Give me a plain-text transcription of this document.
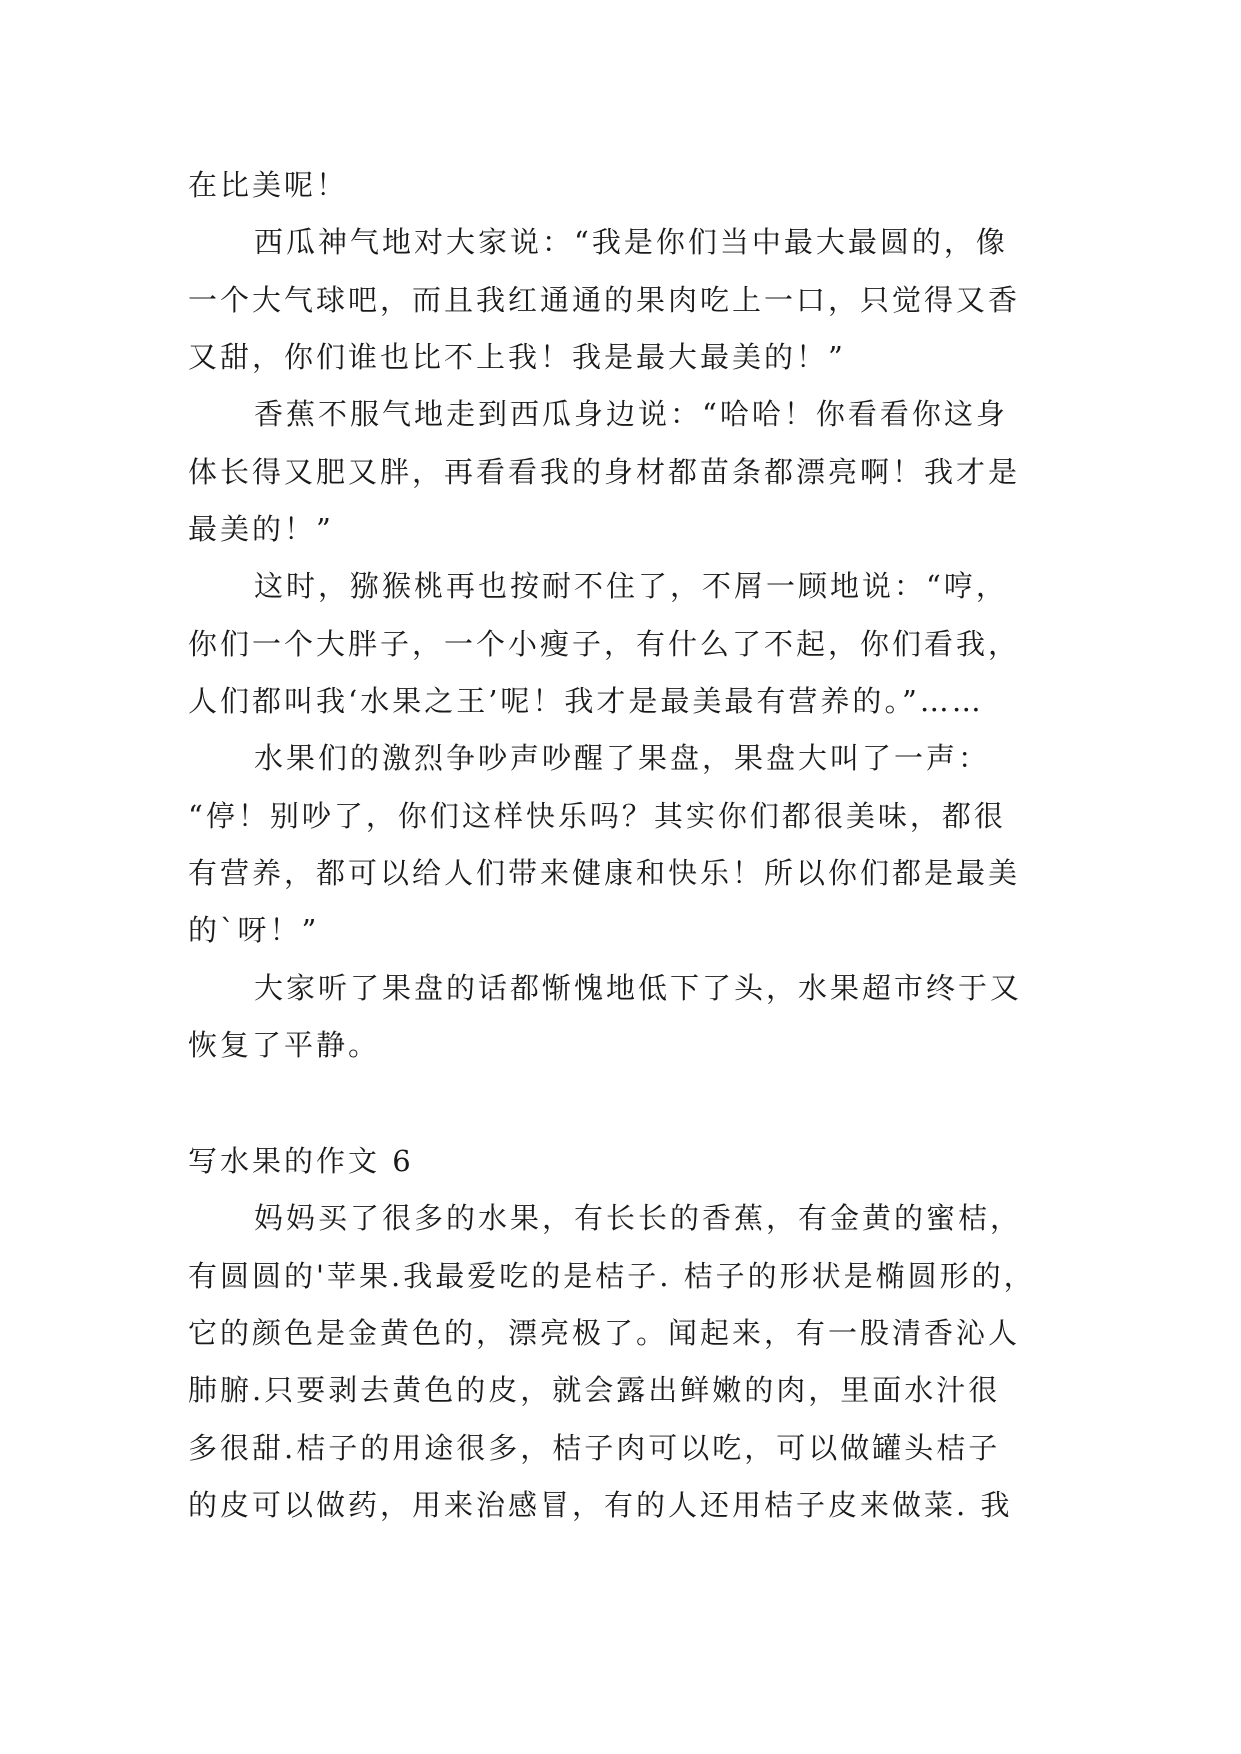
在比美呢！
西瓜神气地对大家说：“我是你们当中最大最圆的，像
一个大气球吧，而且我红通通的果肉吃上一口，只觉得又香
又甜，你们谁也比不上我！我是最大最美的！”
香蕉不服气地走到西瓜身边说：“哈哈！你看看你这身
体长得又肥又胖，再看看我的身材都苗条都漂亮啊！我才是
最美的！”
这时，猕猴桃再也按耐不住了，不屑一顾地说：“哼，
你们一个大胖子，一个小瘦子，有什么了不起，你们看我，
人们都叫我‘水果之王’呢！我才是最美最有营养的。”……
水果们的激烈争吵声吵醒了果盘，果盘大叫了一声：
“停！别吵了，你们这样快乐吗？其实你们都很美味，都很
有营养，都可以给人们带来健康和快乐！所以你们都是最美
的`呀！”
大家听了果盘的话都惭愧地低下了头，水果超市终于又
恢复了平静。
写水果的作文 6
妈妈买了很多的水果，有长长的香蕉，有金黄的蜜桔，
有圆圆的'苹果.我最爱吃的是桔子. 桔子的形状是椭圆形的，
它的颜色是金黄色的，漂亮极了。闻起来，有一股清香沁人
肺腑.只要剥去黄色的皮，就会露出鲜嫩的肉，里面水汁很
多很甜.桔子的用途很多，桔子肉可以吃，可以做罐头桔子
的皮可以做药，用来治感冒，有的人还用桔子皮来做菜. 我
